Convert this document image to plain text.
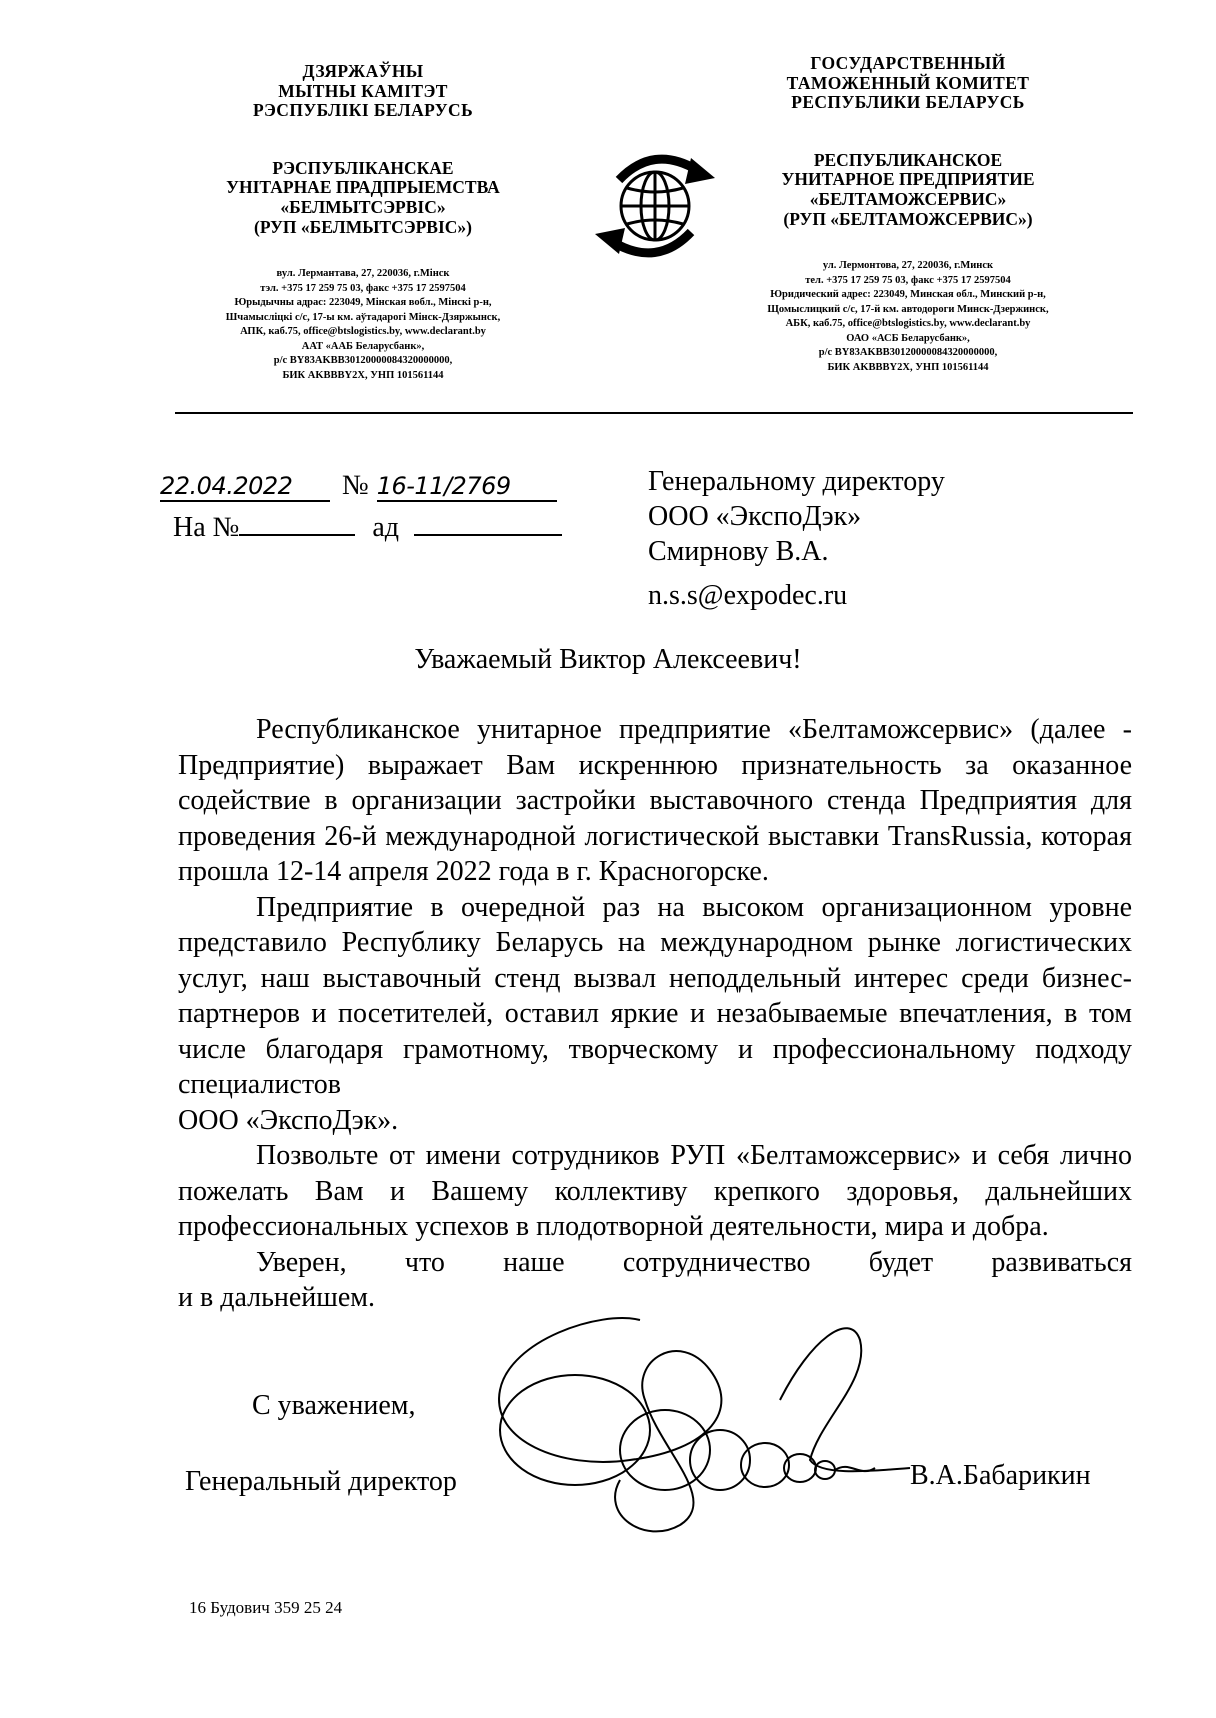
ДЗЯРЖАЎНЫ
МЫТНЫ КАМІТЭТ
РЭСПУБЛІКІ БЕЛАРУСЬ
РЭСПУБЛІКАНСКАЕ
УНІТАРНАЕ ПРАДПРЫЕМСТВА
«БЕЛМЫТСЭРВІС»
(РУП «БЕЛМЫТСЭРВІС»)
вул. Лермантава, 27, 220036, г.Мінск
тэл. +375 17 259 75 03, факс +375 17 2597504
Юрыдычны адрас: 223049, Мінская вобл., Мінскі р-н,
Шчамысліцкі с/с, 17-ы км. аўтадарогі Мінск-Дзяржынск,
АПК, каб.75, office@btslogistics.by, www.declarant.by
ААТ «ААБ Беларусбанк»,
р/с BY83AKBB30120000084320000000,
БИК AKBBBY2X, УНП 101561144
ГОСУДАРСТВЕННЫЙ
ТАМОЖЕННЫЙ КОМИТЕТ
РЕСПУБЛИКИ БЕЛАРУСЬ
РЕСПУБЛИКАНСКОЕ
УНИТАРНОЕ ПРЕДПРИЯТИЕ
«БЕЛТАМОЖСЕРВИС»
(РУП «БЕЛТАМОЖСЕРВИС»)
ул. Лермонтова, 27, 220036, г.Минск
тел. +375 17 259 75 03, факс +375 17 2597504
Юридический адрес: 223049, Минская обл., Минский р-н,
Щомыслицкий с/с, 17-й км. автодороги Минск-Дзержинск,
АБК, каб.75, office@btslogistics.by, www.declarant.by
ОАО «АСБ Беларусбанк»,
р/с BY83AKBB30120000084320000000,
БИК AKBBBY2X, УНП 101561144
22.04.2022 № 16-11/2769
На №	ад
Генеральному директору
ООО «ЭкспоДэк»
Смирнову В.А.
n.s.s@expodec.ru
Уважаемый Виктор Алексеевич!

Республиканское унитарное предприятие «Белтаможсервис» (далее - Предприятие) выражает Вам искреннюю признательность за оказанное содействие в организации застройки выставочного стенда Предприятия для проведения 26-й международной логистической выставки TransRussia, которая прошла 12-14 апреля 2022 года в г. Красногорске.

Предприятие в очередной раз на высоком организационном уровне представило Республику Беларусь на международном рынке логистических услуг, наш выставочный стенд вызвал неподдельный интерес среди бизнес-партнеров и посетителей, оставил яркие и незабываемые впечатления, в том числе благодаря грамотному, творческому и профессиональному подходу специалистов

ООО «ЭкспоДэк».

Позвольте от имени сотрудников РУП «Белтаможсервис» и себя лично пожелать Вам и Вашему коллективу крепкого здоровья, дальнейших профессиональных успехов в плодотворной деятельности, мира и добра.

Уверен, что наше сотрудничество будет развиваться

и в дальнейшем.

С уважением,
Генеральный директор	В.А.Бабарикин
16 Будович 359 25 24
